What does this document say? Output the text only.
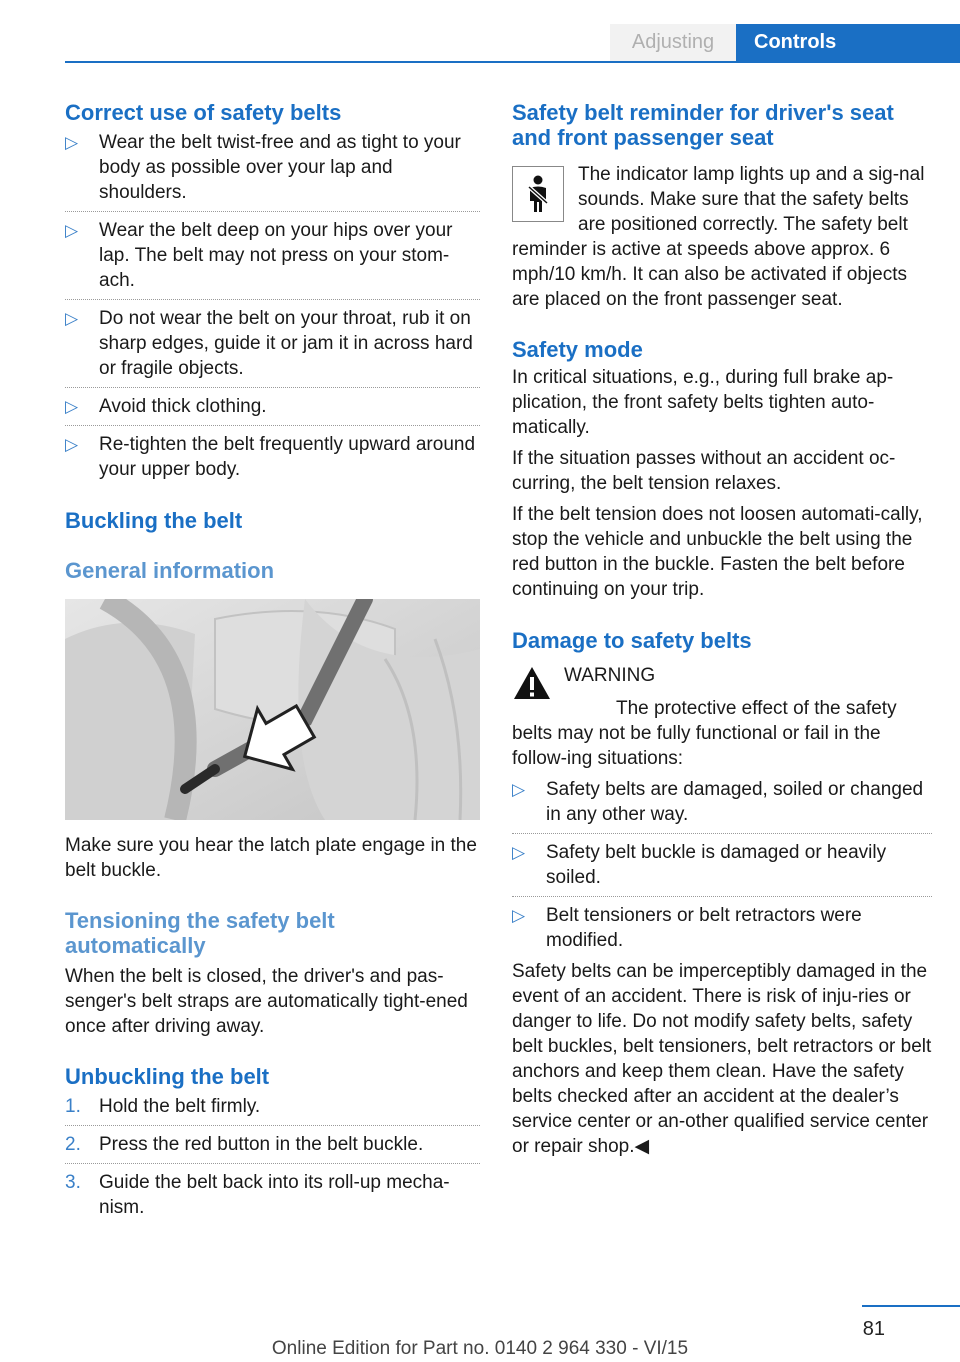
Adjusting	Controls
Correct use of safety belts
▷ Wear the belt twist-free and as tight to your body as possible over your lap and shoulders.
▷ Wear the belt deep on your hips over your lap. The belt may not press on your stom-ach.
▷ Do not wear the belt on your throat, rub it on sharp edges, guide it or jam it in across hard or fragile objects.
▷ Avoid thick clothing.
▷ Re-tighten the belt frequently upward around your upper body.
Buckling the belt
General information

Make sure you hear the latch plate engage in the belt buckle.

Tensioning the safety belt automatically

When the belt is closed, the driver's and pas-senger's belt straps are automatically tight-ened once after driving away.

Unbuckling the belt
1. Hold the belt firmly.
2. Press the red button in the belt buckle.
3. Guide the belt back into its roll-up mecha-nism.
Safety belt reminder for driver's seat and front passenger seat

The indicator lamp lights up and a sig-nal sounds. Make sure that the safety belts are positioned correctly. The safety belt reminder is active at speeds above approx. 6 mph/10 km/h. It can also be activated if objects are placed on the front passenger seat.

Safety mode

In critical situations, e.g., during full brake ap-plication, the front safety belts tighten auto-matically.

If the situation passes without an accident oc-curring, the belt tension relaxes.

If the belt tension does not loosen automati-cally, stop the vehicle and unbuckle the belt using the red button in the buckle. Fasten the belt before continuing on your trip.

Damage to safety belts

WARNING

The protective effect of the safety belts may not be fully functional or fail in the follow-ing situations:

▷ Safety belts are damaged, soiled or changed in any other way.
▷ Safety belt buckle is damaged or heavily soiled.
▷ Belt tensioners or belt retractors were modified.

Safety belts can be imperceptibly damaged in the event of an accident. There is risk of inju-ries or danger to life. Do not modify safety belts, safety belt buckles, belt tensioners, belt retractors or belt anchors and keep them clean. Have the safety belts checked after an accident at the dealer’s service center or an-other qualified service center or repair shop.◀

81
Online Edition for Part no. 0140 2 964 330 - VI/15
